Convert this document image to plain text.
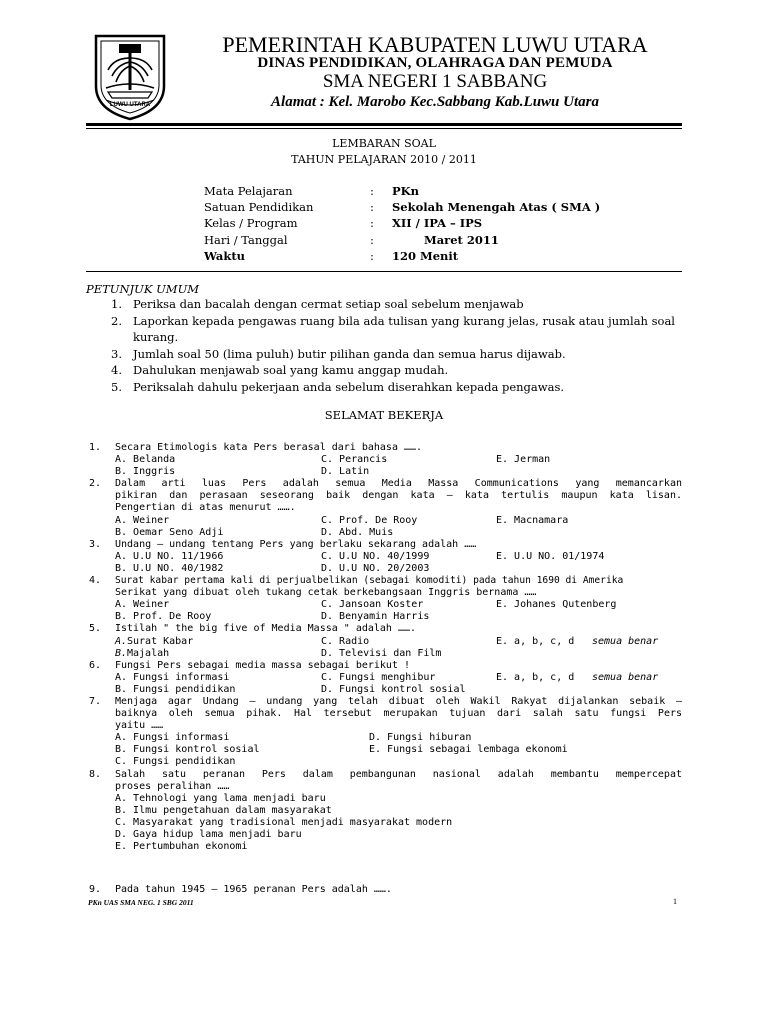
LUWU UTARA
PEMERINTAH KABUPATEN LUWU UTARA
DINAS PENDIDIKAN, OLAHRAGA DAN PEMUDA
SMA NEGERI 1 SABBANG
Alamat : Kel. Marobo Kec.Sabbang Kab.Luwu Utara
LEMBARAN SOAL
TAHUN PELAJARAN 2010 / 2011
Mata Pelajaran	: PKn
Satuan Pendidikan	: Sekolah Menengah Atas ( SMA )
Kelas / Program	: XII / IPA – IPS
Hari / Tanggal	:	Maret 2011
Waktu	: 120 Menit
PETUNJUK UMUM
1. Periksa dan bacalah dengan cermat setiap soal sebelum menjawab
2. Laporkan kepada pengawas ruang bila ada tulisan yang kurang jelas, rusak atau jumlah soal kurang.
3. Jumlah soal 50 (lima puluh) butir pilihan ganda dan semua harus dijawab.
4. Dahulukan menjawab soal yang kamu anggap mudah.
5. Periksalah dahulu pekerjaan anda sebelum diserahkan kepada pengawas.
SELAMAT BEKERJA
1. Secara Etimologis kata Pers berasal dari bahasa …….
A. Belanda	C. Perancis	E. Jerman
B. Inggris	D. Latin
2. Dalam arti luas Pers adalah semua Media Massa Communications yang memancarkan
pikiran dan perasaan seseorang baik dengan kata – kata tertulis maupun kata lisan.
Pengertian di atas menurut …….
A. Weiner	C. Prof. De Rooy	E. Macnamara
B. Oemar Seno Adji	D. Abd. Muis
3. Undang – undang tentang Pers yang berlaku sekarang adalah ……
A. U.U NO. 11/1966	C. U.U NO. 40/1999	E. U.U NO. 01/1974
B. U.U NO. 40/1982	D. U.U NO. 20/2003
4. Surat kabar pertama kali di perjualbelikan (sebagai komoditi) pada tahun 1690 di Amerika
Serikat yang dibuat oleh tukang cetak berkebangsaan Inggris bernama ……
A. Weiner	C. Jansoan Koster	E. Johanes Qutenberg
B. Prof. De Rooy	D. Benyamin Harris
5. Istilah " the big five of Media Massa " adalah …….
A. Surat Kabar	C. Radio	E. a, b, c, d semua benar
B. Majalah	D. Televisi dan Film
6. Fungsi Pers sebagai media massa sebagai berikut !
A. Fungsi informasi	C. Fungsi menghibur	E. a, b, c, d semua benar
B. Fungsi pendidikan	D. Fungsi kontrol sosial
7. Menjaga agar Undang – undang yang telah dibuat oleh Wakil Rakyat dijalankan sebaik –
baiknya oleh semua pihak. Hal tersebut merupakan tujuan dari salah satu fungsi Pers
yaitu ……
A. Fungsi informasi	D. Fungsi hiburan
B. Fungsi kontrol sosial	E. Fungsi sebagai lembaga ekonomi
C. Fungsi pendidikan
8. Salah satu peranan Pers dalam pembangunan nasional adalah membantu mempercepat
proses peralihan ……
A. Tehnologi yang lama menjadi baru
B. Ilmu pengetahuan dalam masyarakat
C. Masyarakat yang tradisional menjadi masyarakat modern
D. Gaya hidup lama menjadi baru
E. Pertumbuhan ekonomi
9. Pada tahun 1945 – 1965 peranan Pers adalah …….
PKn UAS SMA NEG. 1 SBG 2011	1
